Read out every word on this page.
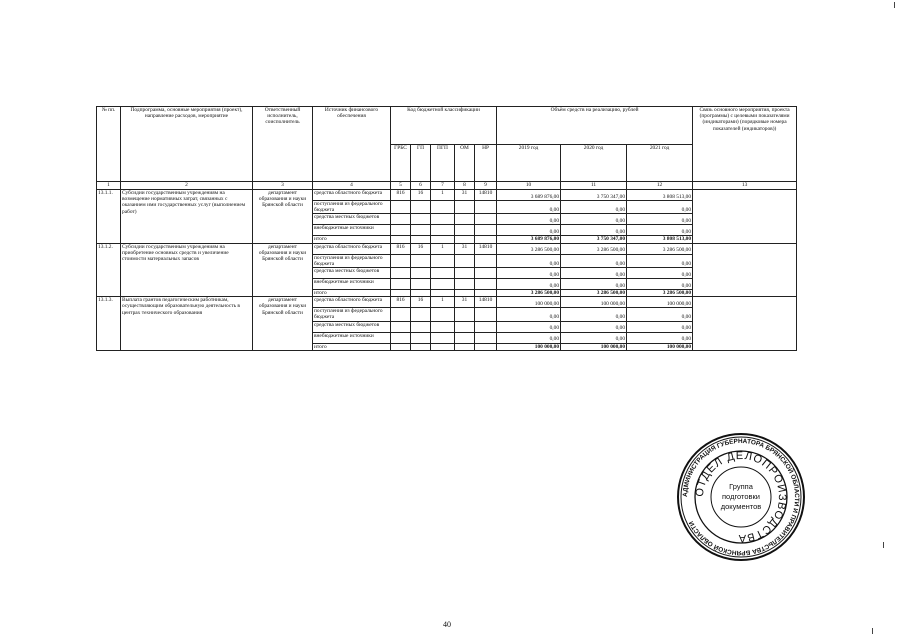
№ пп.	Подпрограмма, основные мероприятия (проект), направление расходов, мероприятие	Ответственный исполнитель, соисполнитель	Источник финансового обеспечения	Код бюджетной классификации					Объём средств на реализацию, рублей			Связь основного мероприятия, проекта (программы) с целевыми показателями (индикаторами) (порядковые номера показателей (индикаторов))
				ГРБС	ГП	ПГП	ОМ	НР	2019 год	2020 год	2021 год	
1	2	3	4	5	6	7	8	9	10	11	12	13
13.1.1.	Субсидии государственным учреждениям на возмещение нормативных затрат, связанных с оказанием ими государственных услуг (выполнением работ)	департамент образования и науки Брянской области	средства областного бюджета	816	16	1	31	14810	3 689 876,00	3 750 347,00	3 808 513,00	
			поступления из федерального бюджета						0,00	0,00	0,00	
			средства местных бюджетов						0,00	0,00	0,00	
			внебюджетные источники						0,00	0,00	0,00	
			итого						3 689 876,00	3 750 347,00	3 808 513,00	
13.1.2.	Субсидии государственным учреждениям на приобретение основных средств и увеличение стоимости материальных запасов	департамент образования и науки Брянской области	средства областного бюджета	816	16	1	31	14810	3 286 500,00	3 286 500,00	3 286 500,00	
			поступления из федерального бюджета						0,00	0,00	0,00	
			средства местных бюджетов						0,00	0,00	0,00	
			внебюджетные источники						0,00	0,00	0,00	
			итого						3 286 500,00	3 286 500,00	3 286 500,00	
13.1.3.	Выплата грантов педагогическим работникам, осуществляющим образовательную деятельность в центрах технического образования	департамент образования и науки Брянской области	средства областного бюджета	816	16	1	31	14810	100 000,00	100 000,00	100 000,00	
			поступления из федерального бюджета						0,00	0,00	0,00	
			средства местных бюджетов						0,00	0,00	0,00	
			внебюджетные источники						0,00	0,00	0,00	
			итого						100 000,00	100 000,00	100 000,00	
АДМИНИСТРАЦИЯ ГУБЕРНАТОРА БРЯНСКОЙ ОБЛАСТИ И ПРАВИТЕЛЬСТВА БРЯНСКОЙ ОБЛАСТИ
ОТДЕЛ ДЕЛОПРОИЗВОДСТВА
Группа
подготовки
документов
40
